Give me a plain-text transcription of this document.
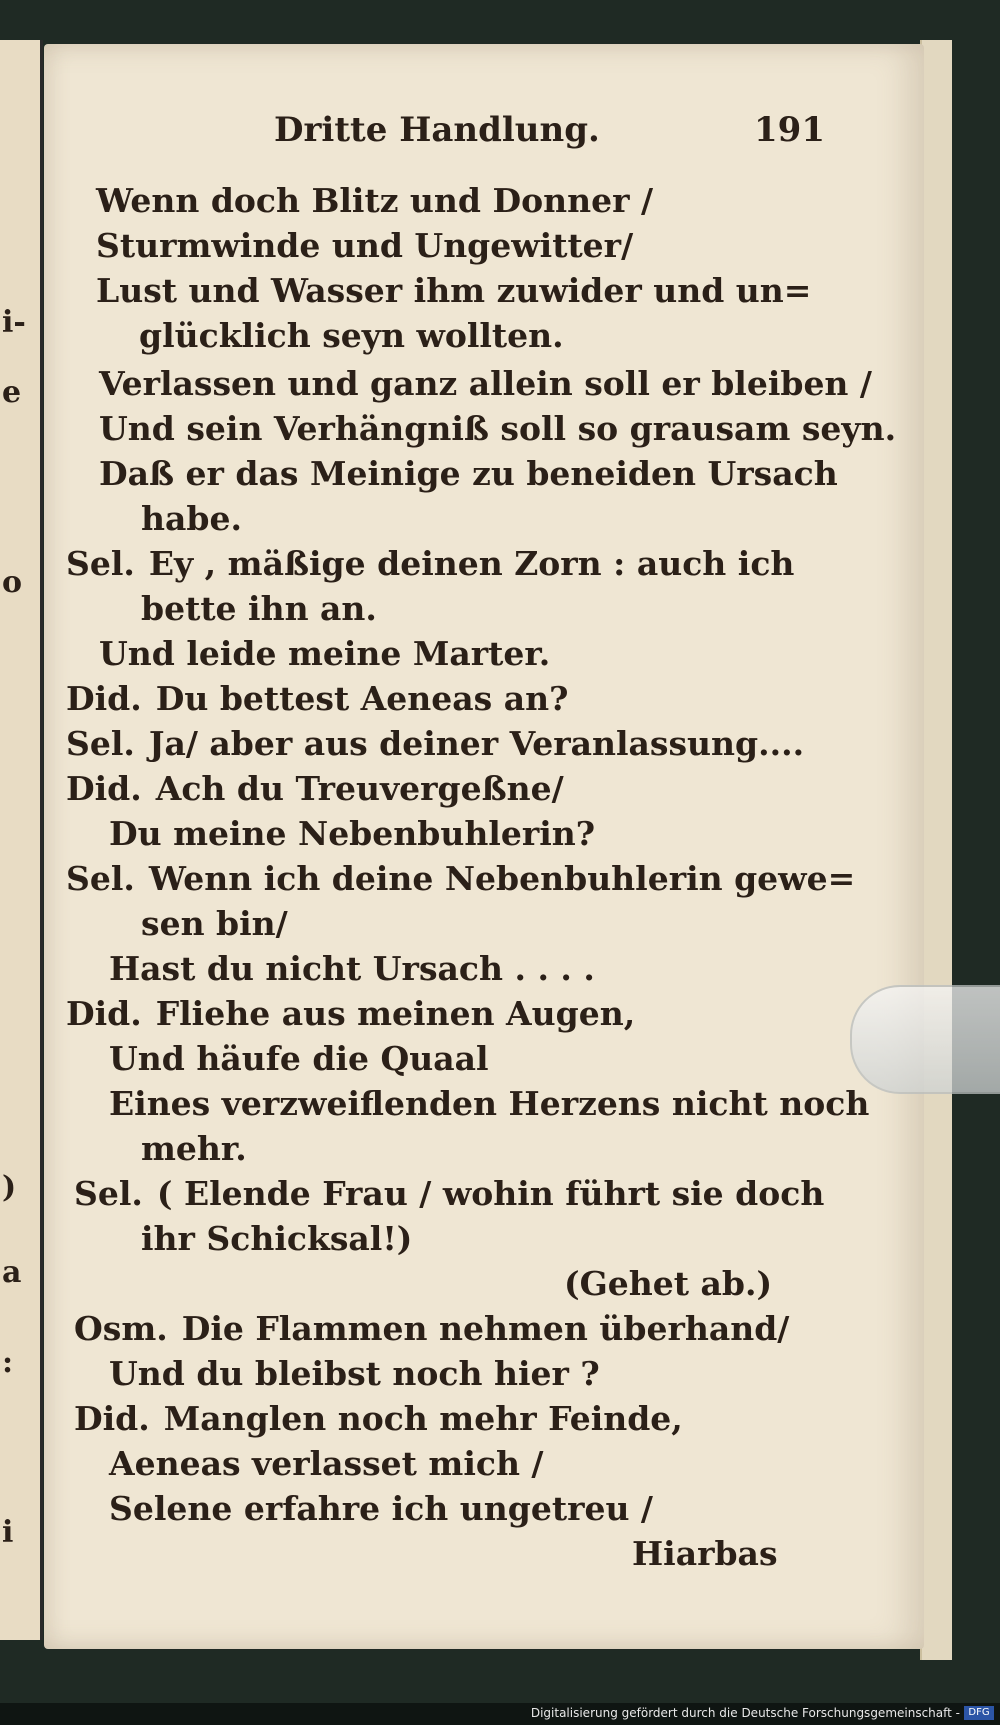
i-
e
o
)
a
:
i
Dritte Handlung.	191
Wenn doch Blitz und Donner /
Sturmwinde und Ungewitter/
Lust und Wasser ihm zuwider und un=
glücklich seyn wollten.
Verlassen und ganz allein soll er bleiben /
Und sein Verhängniß soll so grausam seyn.
Daß er das Meinige zu beneiden Ursach
habe.
Sel. Ey , mäßige deinen Zorn : auch ich
bette ihn an.
Und leide meine Marter.
Did. Du bettest Aeneas an?
Sel. Ja/ aber aus deiner Veranlassung....
Did. Ach du Treuvergeßne/
Du meine Nebenbuhlerin?
Sel. Wenn ich deine Nebenbuhlerin gewe=
sen bin/
Hast du nicht Ursach . . . .
Did. Fliehe aus meinen Augen,
Und häufe die Quaal
Eines verzweiflenden Herzens nicht noch
mehr.
Sel. ( Elende Frau / wohin führt sie doch
ihr Schicksal!)
(Gehet ab.)
Osm. Die Flammen nehmen überhand/
Und du bleibst noch hier ?
Did. Manglen noch mehr Feinde,
Aeneas verlasset mich /
Selene erfahre ich ungetreu /
Hiarbas
Digitalisierung gefördert durch die Deutsche Forschungsgemeinschaft - DFG
